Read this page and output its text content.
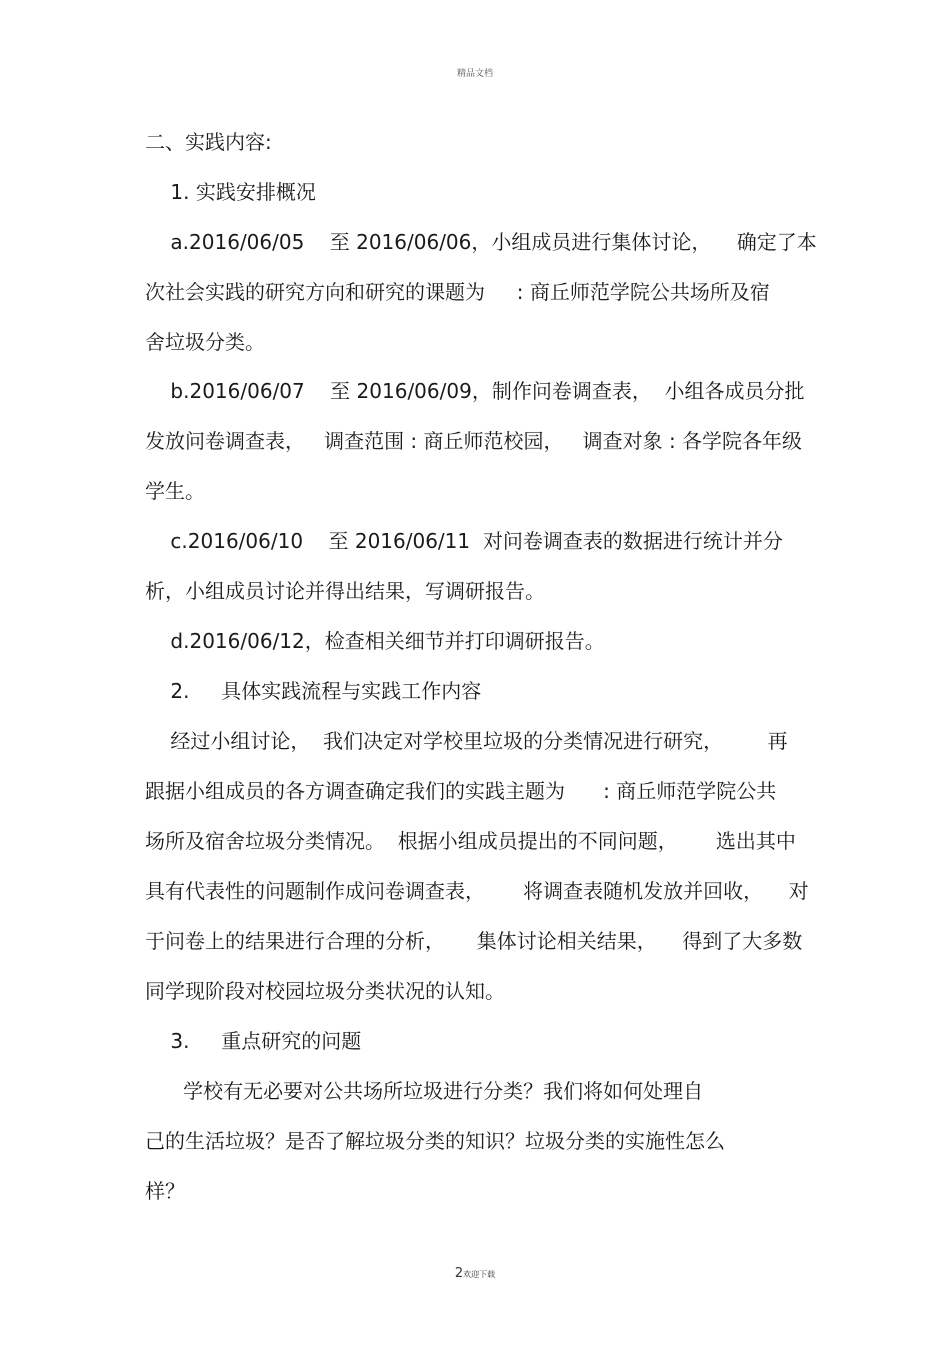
精品文档
二、实践内容:
1. 实践安排概况
a.2016/06/05    至 2016/06/06，小组成员进行集体讨论，    确定了本
次社会实践的研究方向和研究的课题为     : 商丘师范学院公共场所及宿
舍垃圾分类。
b.2016/06/07    至 2016/06/09，制作问卷调查表，  小组各成员分批
发放问卷调查表，   调查范围 : 商丘师范校园，   调查对象 : 各学院各年级
学生。
c.2016/06/10    至 2016/06/11  对问卷调查表的数据进行统计并分
析，小组成员讨论并得出结果，写调研报告。
d.2016/06/12，检查相关细节并打印调研报告。
2.     具体实践流程与实践工作内容
经过小组讨论，  我们决定对学校里垃圾的分类情况进行研究，       再
跟据小组成员的各方调查确定我们的实践主题为      : 商丘师范学院公共
场所及宿舍垃圾分类情况。  根据小组成员提出的不同问题，      选出其中
具有代表性的问题制作成问卷调查表，      将调查表随机发放并回收，    对
于问卷上的结果进行合理的分析，     集体讨论相关结果，    得到了大多数
同学现阶段对校园垃圾分类状况的认知。
3.     重点研究的问题
学校有无必要对公共场所垃圾进行分类？我们将如何处理自
己的生活垃圾？是否了解垃圾分类的知识？垃圾分类的实施性怎么
样？
2欢迎下载
